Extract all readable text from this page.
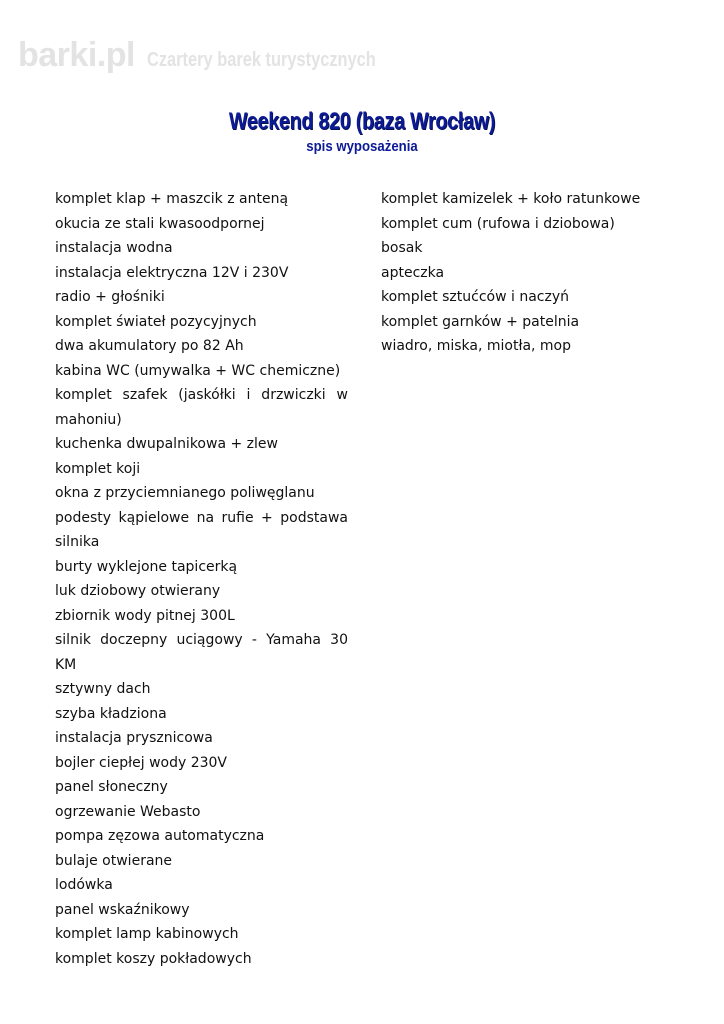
barki.pl Czartery barek turystycznych
Weekend 820 (baza Wrocław)
spis wyposażenia
komplet klap + maszcik z anteną
okucia ze stali kwasoodpornej
instalacja wodna
instalacja elektryczna 12V i 230V
radio + głośniki
komplet świateł pozycyjnych
dwa akumulatory po 82 Ah
kabina WC (umywalka + WC chemiczne)
komplet szafek (jaskółki i drzwiczki w mahoniu)
kuchenka dwupalnikowa + zlew
komplet koji
okna z przyciemnianego poliwęglanu
podesty kąpielowe na rufie + podstawa silnika
burty wyklejone tapicerką
luk dziobowy otwierany
zbiornik wody pitnej 300L
silnik doczepny uciągowy - Yamaha 30 KM
sztywny dach
szyba kładziona
instalacja prysznicowa
bojler ciepłej wody 230V
panel słoneczny
ogrzewanie Webasto
pompa zęzowa automatyczna
bulaje otwierane
lodówka
panel wskaźnikowy
komplet lamp kabinowych
komplet koszy pokładowych
komplet kamizelek + koło ratunkowe
komplet cum (rufowa i dziobowa)
bosak
apteczka
komplet sztućców i naczyń
komplet garnków + patelnia
wiadro, miska, miotła, mop
